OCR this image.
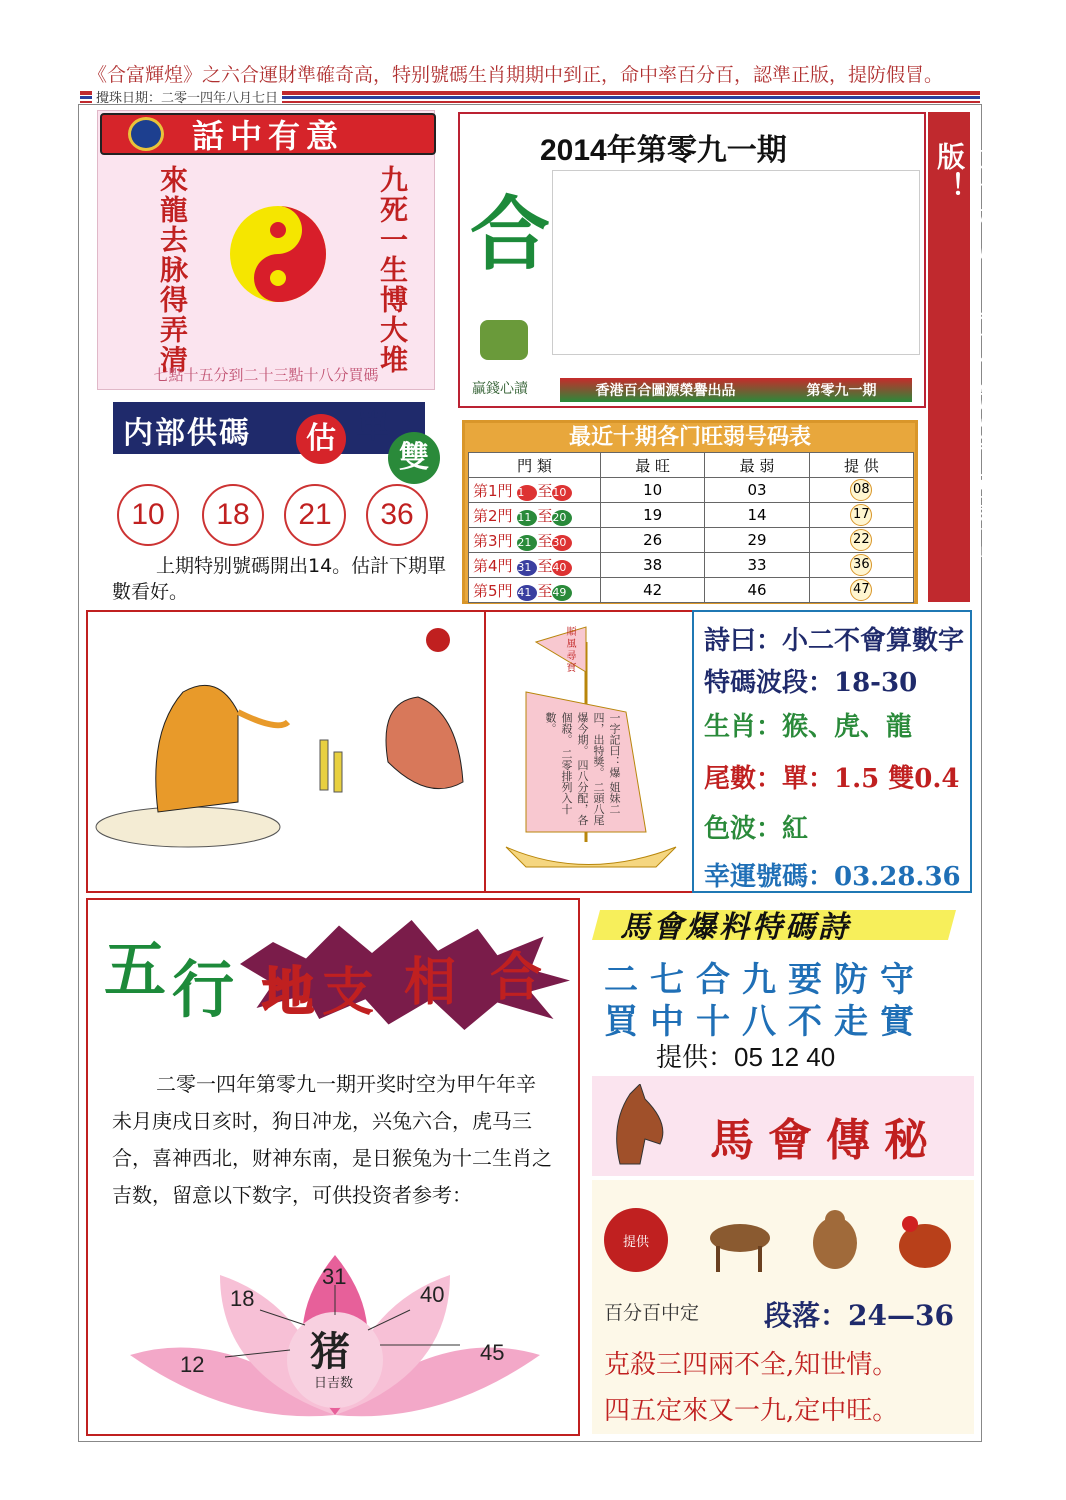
《合富輝煌》之六合運財準確奇高，特别號碼生肖期期中到正，命中率百分百，認準正版，提防假冒。
攪珠日期：二零一四年八月七日
話中有意
來龍去脉得弄清	九死一生博大堆
七點十五分到二十三點十八分買碼
合
2014年第零九一期
贏錢心讀	香港百合圖源榮譽出品	第零九一期	六合權威：《合富輝煌》强勢出版！
内部供碼	估 單
雙
10	18	21	36
上期特别號碼開出14。估計下期單數看好。
最近十期各门旺弱号码表
門 類	最 旺	最 弱	提 供
第1門 1 至10	10	03	08
第2門 11 至20	19	14	17
第3門 21 至30	26	29	22
第4門 31 至40	38	33	36
第5門 41 至49	42	46	47
順風尋寶
一字記曰：爆 姐妹二四，出特獎。 二頭八尾爆今期。 四八分配，各個殺。 二零排列入十數。
詩曰：小二不會算數字
特碼波段：18-30
生肖：猴、虎、龍
尾數：單：1.5 雙0.4
色波：紅
幸運號碼：03.28.36
五 行 地 支 相 合
二零一四年第零九一期开奖时空为甲午年辛未月庚戌日亥时，狗日冲龙，兴兔六合，虎马三合，喜神西北，财神东南，是日猴兔为十二生肖之吉数，留意以下数字，可供投资者参考：
31
18	40
12	45
猪
日吉数
馬會爆料特碼詩
二七合九要防守
買中十八不走實
提供：05 12 40
馬會傳秘
提供
百分百中定 段落：24—36
克殺三四兩不全,知世情。
四五定來又一九,定中旺。
